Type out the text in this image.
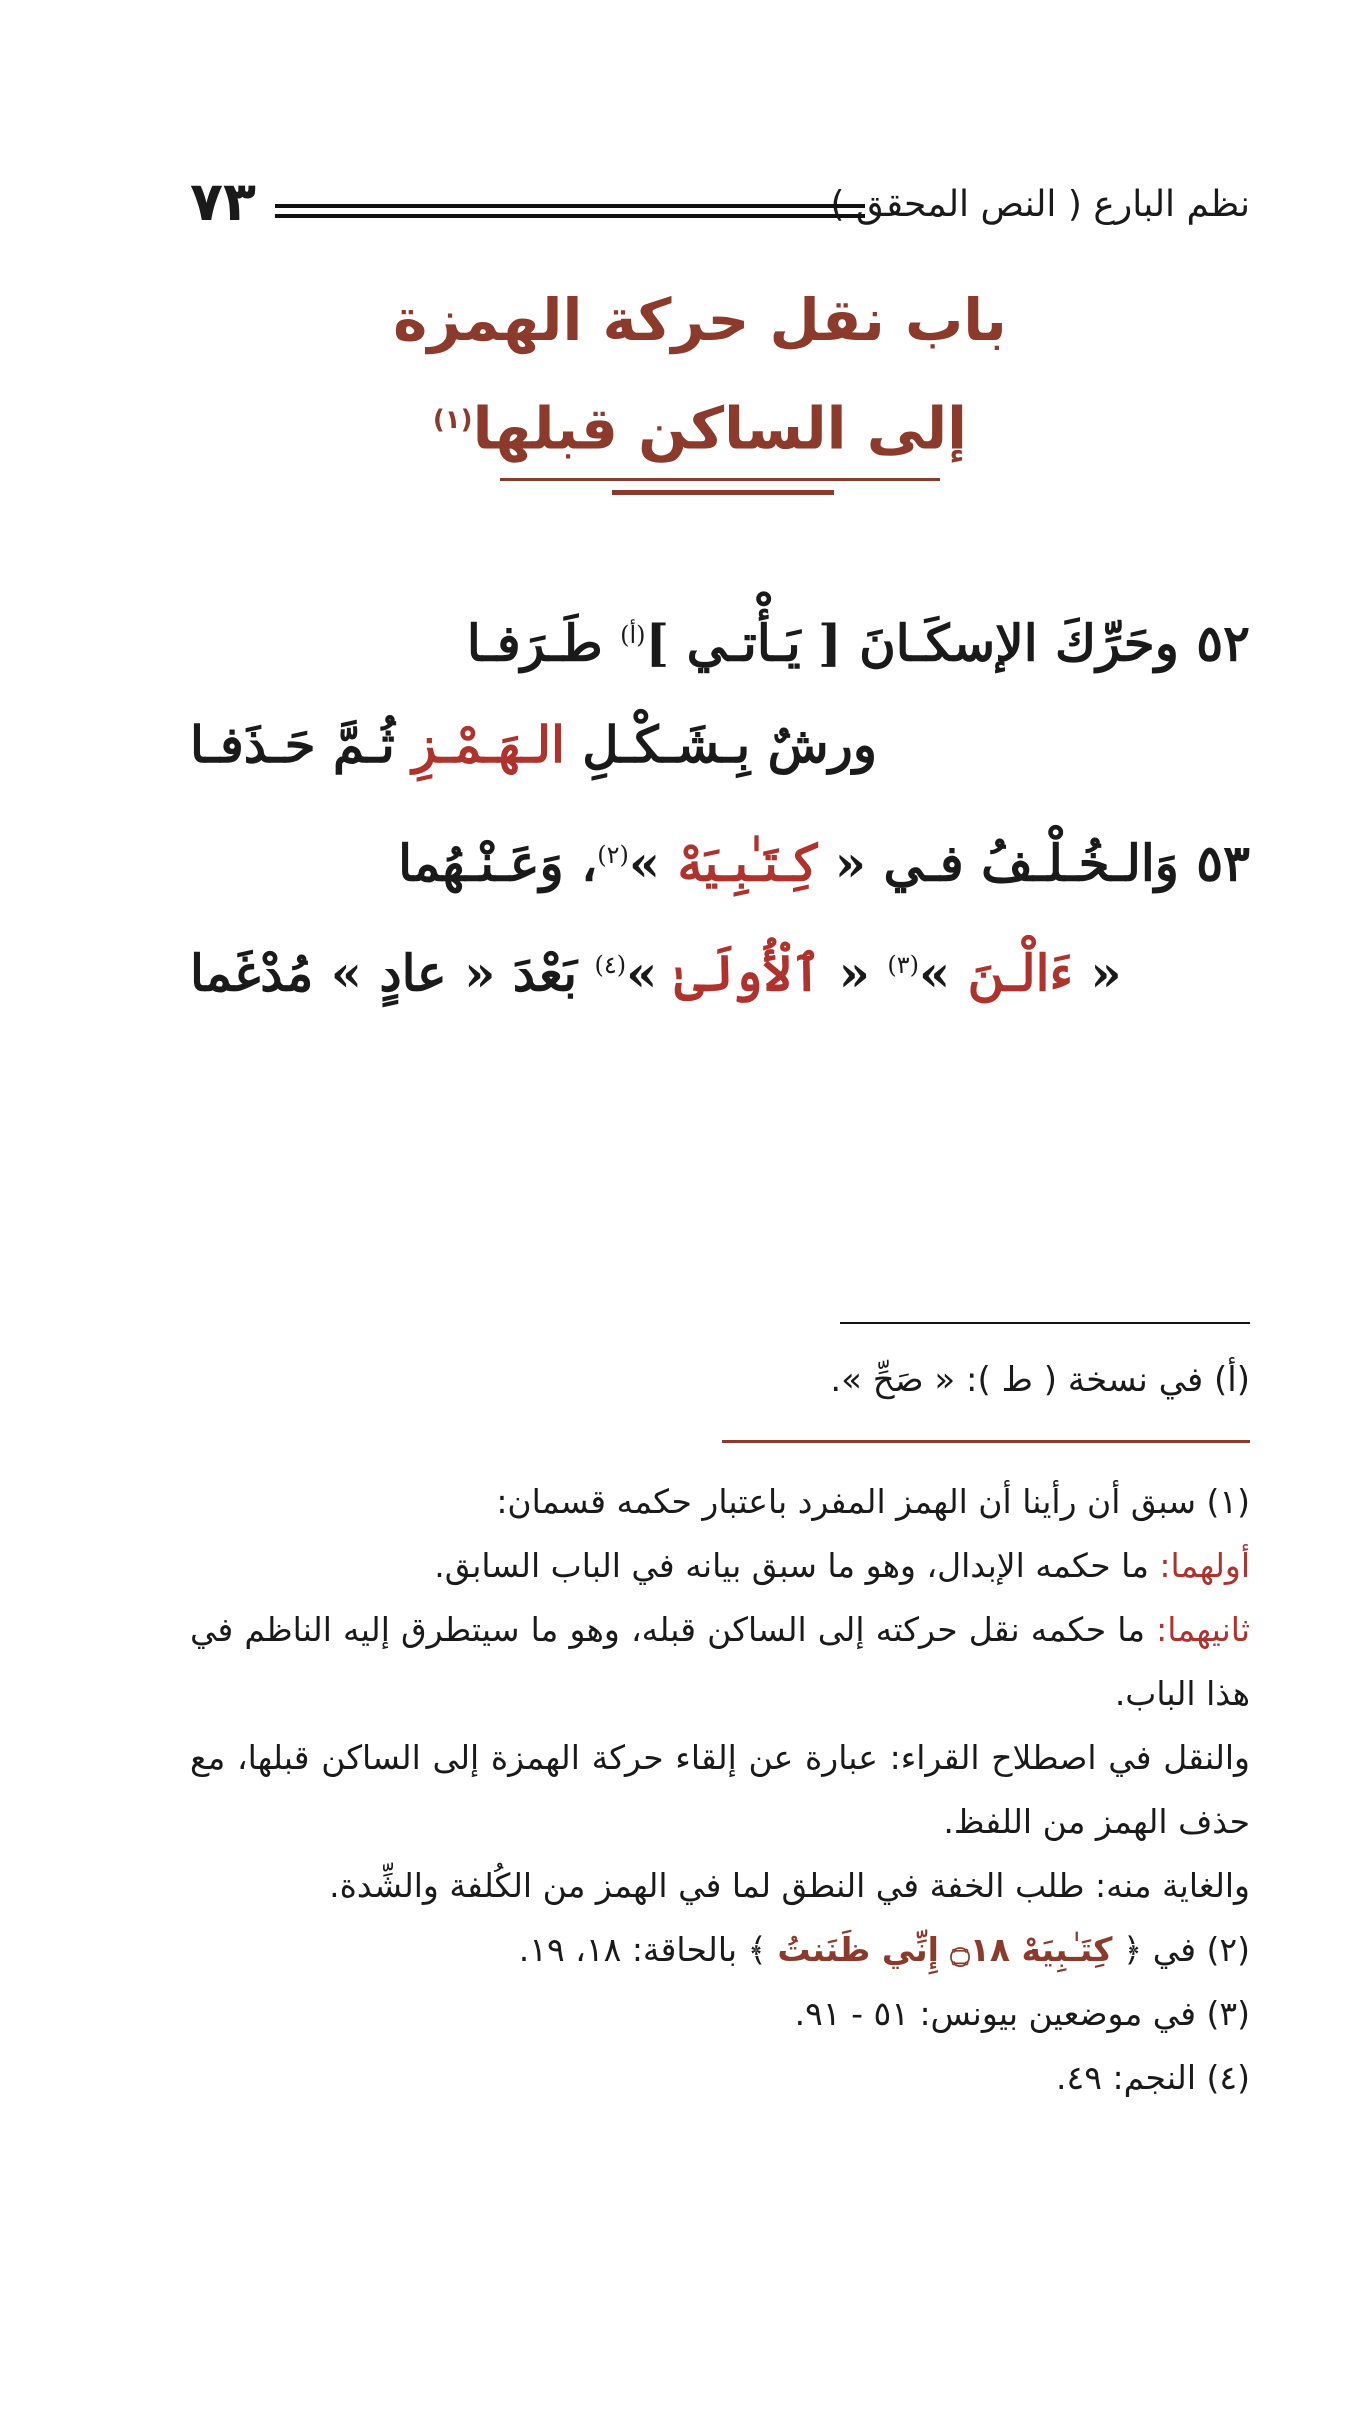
نظم البارع ( النص المحقق )
٧٣
باب نقل حركة الهمزة
إلى الساكن قبلها$^{(١)}$
٥٢ وحَرِّكَ الإسكَـانَ [ يَـأْتـي ]$^{(أ)}$ طَـرَفـا
ورشٌ بِـشَـكْـلِ الـهَـمْـزِ ثُـمَّ حَـذَفـا
٥٣ وَالـخُـلْـفُ فـي « كِـتَـٰبِـيَهْ »$^{(٢)}$، وَعَـنْـهُما
« ءَالْـنَ »$^{(٣)}$ « ٱلْأُولَىٰ »$^{(٤)}$ بَعْدَ « عادٍ » مُدْغَما
(أ) في نسخة ( ط ): « صَحِّ ».

(١) سبق أن رأينا أن الهمز المفرد باعتبار حكمه قسمان:

أولهما: ما حكمه الإبدال، وهو ما سبق بيانه في الباب السابق.

ثانيهما: ما حكمه نقل حركته إلى الساكن قبله، وهو ما سيتطرق إليه الناظم في هذا الباب.

والنقل في اصطلاح القراء: عبارة عن إلقاء حركة الهمزة إلى الساكن قبلها، مع حذف الهمز من اللفظ.

والغاية منه: طلب الخفة في النطق لما في الهمز من الكُلفة والشِّدة.

(٢) في ﴿ كِتَـٰبِيَهْ ۝١٨ إِنِّي ظَنَنتُ ﴾ بالحاقة: ١٨، ١٩.

(٣) في موضعين بيونس: ٥١ - ٩١.

(٤) النجم: ٤٩.
